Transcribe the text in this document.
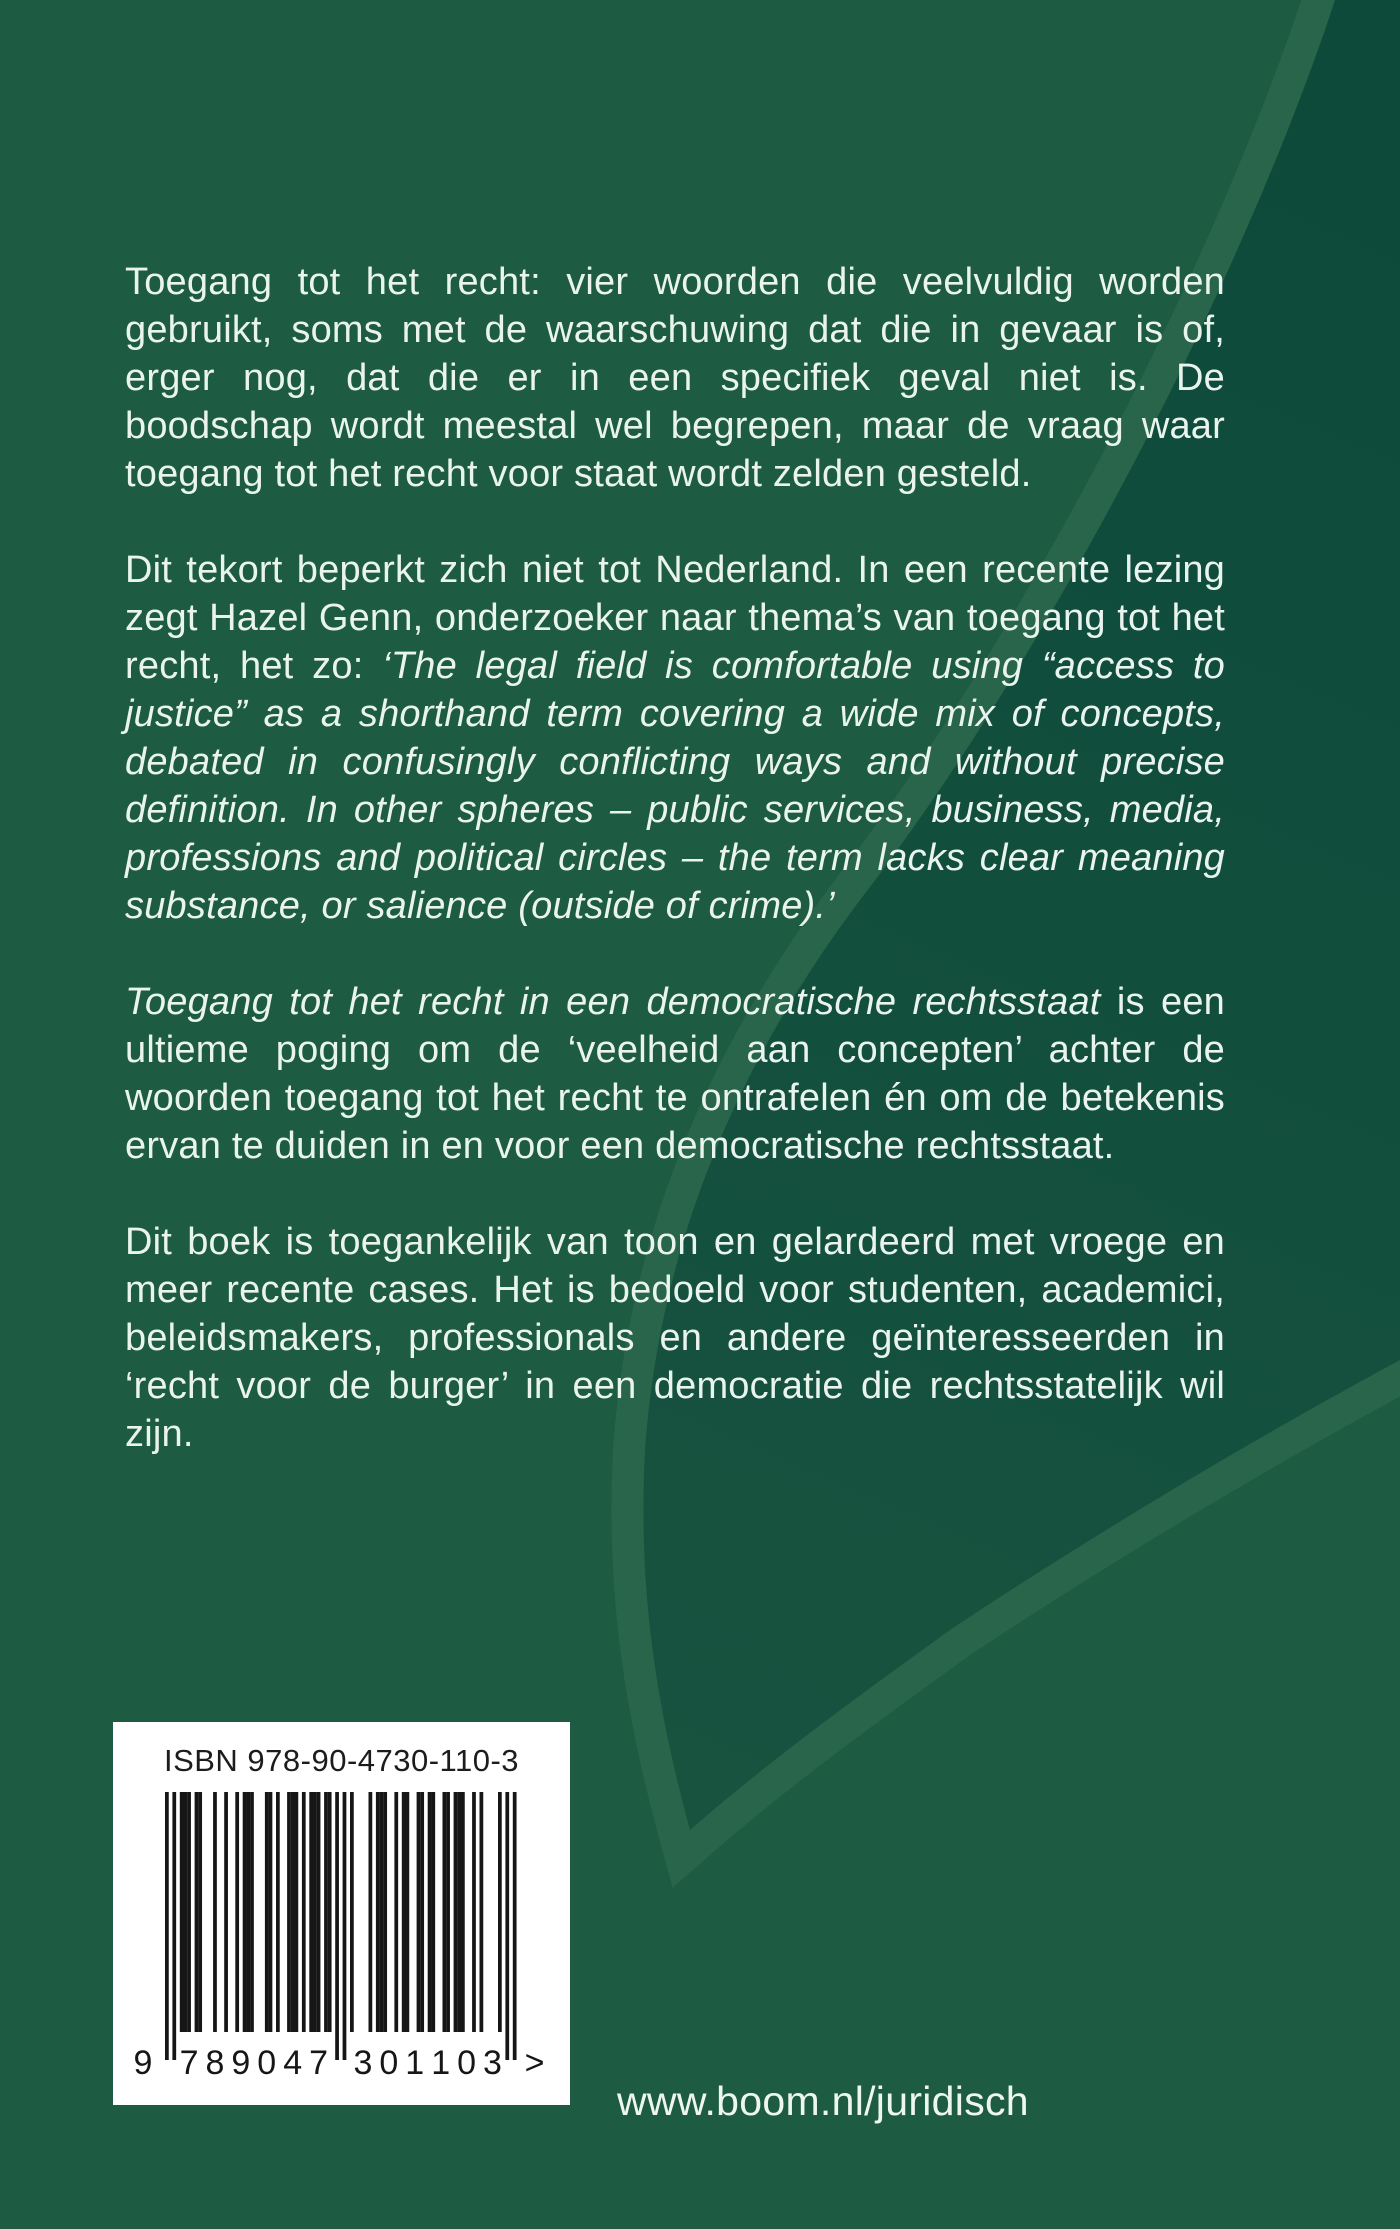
Toegang tot het recht: vier woorden die veelvuldig worden gebruikt, soms met de waarschuwing dat die in gevaar is of, erger nog, dat die er in een specifiek geval niet is. De boodschap wordt meestal wel begrepen, maar de vraag waar toegang tot het recht voor staat wordt zelden gesteld.

Dit tekort beperkt zich niet tot Nederland. In een recente lezing zegt Hazel Genn, onderzoeker naar thema’s van toegang tot het recht, het zo: ‘The legal field is comfortable using “access to justice” as a shorthand term covering a wide mix of concepts, debated in confusingly conflicting ways and without precise definition. In other spheres – public services, business, media, professions and political circles – the term lacks clear meaning substance, or salience (outside of crime).’

Toegang tot het recht in een democratische rechtsstaat is een ultieme poging om de ‘veelheid aan concepten’ achter de woorden toegang tot het recht te ontrafelen én om de betekenis ervan te duiden in en voor een democratische rechtsstaat.

Dit boek is toegankelijk van toon en gelardeerd met vroege en meer recente cases. Het is bedoeld voor studenten, academici, beleidsmakers, professionals en andere geïnteresseerden in ‘recht voor de burger’ in een democratie die rechtsstatelijk wil zijn.

ISBN 978-90-4730-110-3
9 7 8 9 0 4 7 3 0 1 1 0 3 >
www.boom.nl/juridisch
